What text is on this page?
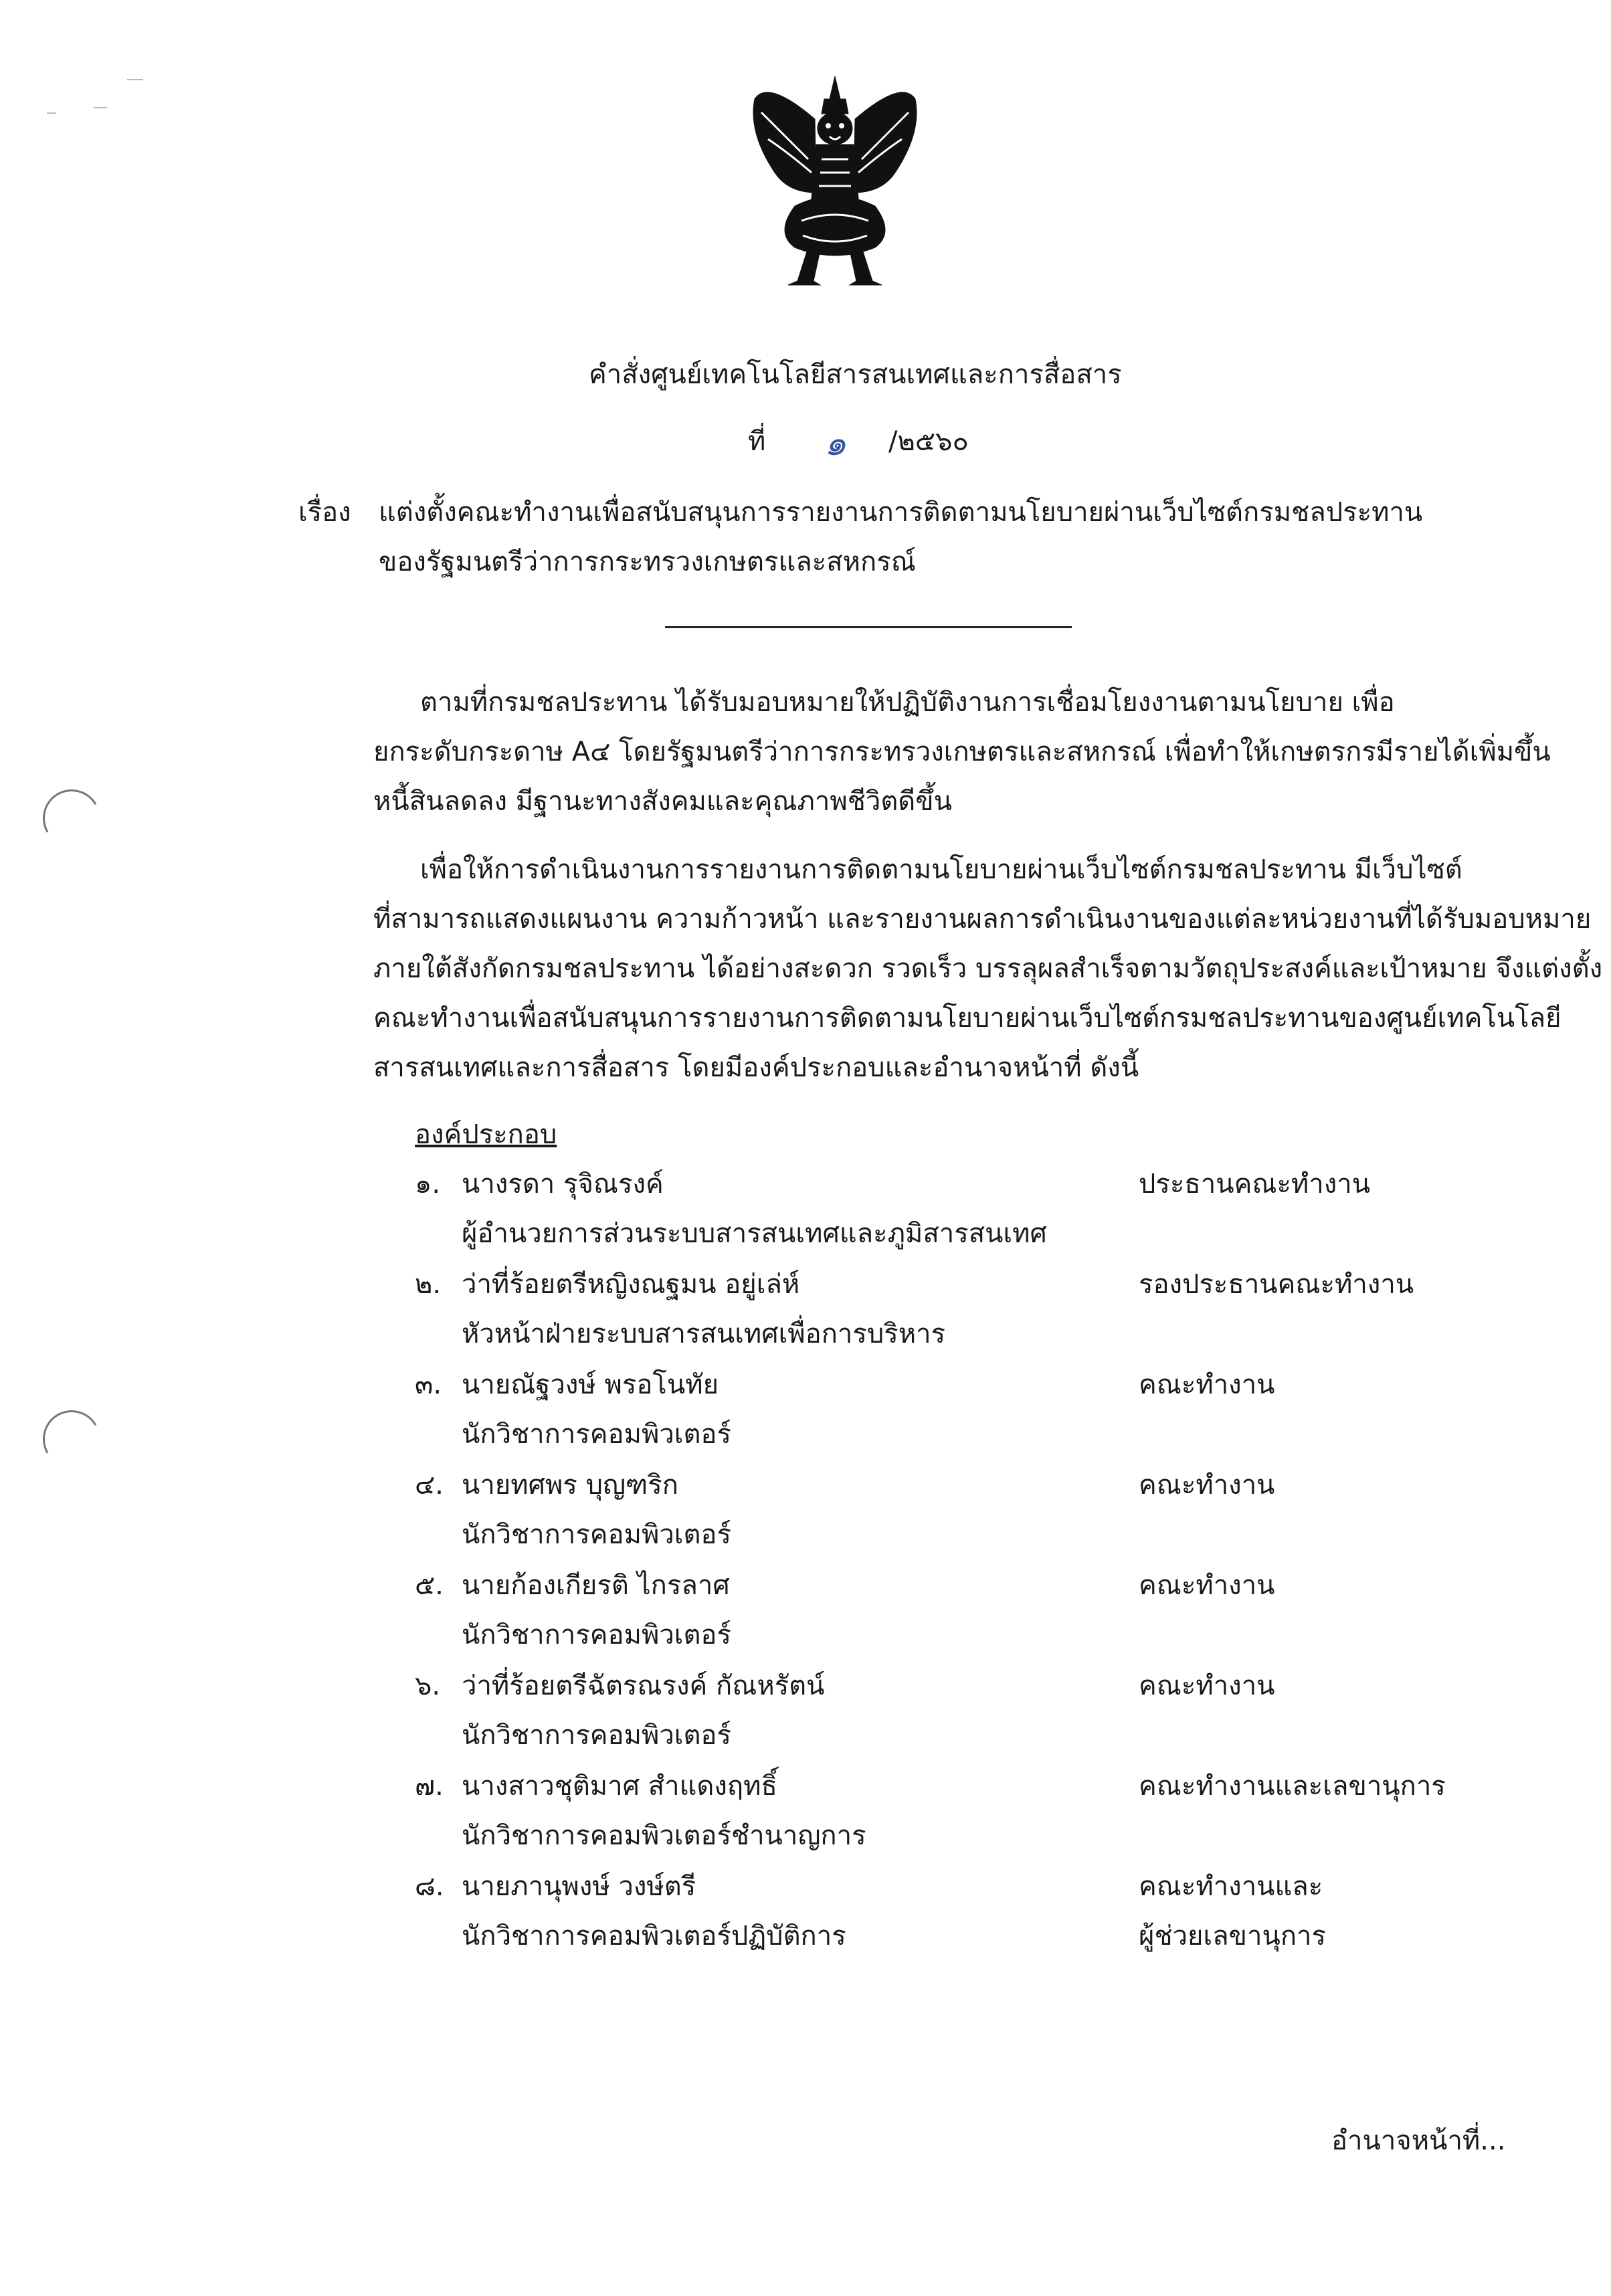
คำสั่งศูนย์เทคโนโลยีสารสนเทศและการสื่อสาร
ที่ ๑ /๒๕๖๐
เรื่อง แต่งตั้งคณะทำงานเพื่อสนับสนุนการรายงานการติดตามนโยบายผ่านเว็บไซต์กรมชลประทาน
ของรัฐมนตรีว่าการกระทรวงเกษตรและสหกรณ์
ตามที่กรมชลประทาน ได้รับมอบหมายให้ปฏิบัติงานการเชื่อมโยงงานตามนโยบาย เพื่อ
ยกระดับกระดาษ A๔ โดยรัฐมนตรีว่าการกระทรวงเกษตรและสหกรณ์ เพื่อทำให้เกษตรกรมีรายได้เพิ่มขึ้น
หนี้สินลดลง มีฐานะทางสังคมและคุณภาพชีวิตดีขึ้น
เพื่อให้การดำเนินงานการรายงานการติดตามนโยบายผ่านเว็บไซต์กรมชลประทาน มีเว็บไซต์
ที่สามารถแสดงแผนงาน ความก้าวหน้า และรายงานผลการดำเนินงานของแต่ละหน่วยงานที่ได้รับมอบหมาย
ภายใต้สังกัดกรมชลประทาน ได้อย่างสะดวก รวดเร็ว บรรลุผลสำเร็จตามวัตถุประสงค์และเป้าหมาย จึงแต่งตั้ง
คณะทำงานเพื่อสนับสนุนการรายงานการติดตามนโยบายผ่านเว็บไซต์กรมชลประทานของศูนย์เทคโนโลยี
สารสนเทศและการสื่อสาร โดยมีองค์ประกอบและอำนาจหน้าที่ ดังนี้
องค์ประกอบ
๑. นางรดา รุจิณรงค์	ประธานคณะทำงาน
ผู้อำนวยการส่วนระบบสารสนเทศและภูมิสารสนเทศ
๒. ว่าที่ร้อยตรีหญิงณฐมน อยู่เล่ห์	รองประธานคณะทำงาน
หัวหน้าฝ่ายระบบสารสนเทศเพื่อการบริหาร
๓. นายณัฐวงษ์ พรอโนทัย	คณะทำงาน
นักวิชาการคอมพิวเตอร์
๔. นายทศพร บุญฑริก	คณะทำงาน
นักวิชาการคอมพิวเตอร์
๕. นายก้องเกียรติ ไกรลาศ	คณะทำงาน
นักวิชาการคอมพิวเตอร์
๖. ว่าที่ร้อยตรีฉัตรณรงค์ กัณหรัตน์	คณะทำงาน
นักวิชาการคอมพิวเตอร์
๗. นางสาวชุติมาศ สำแดงฤทธิ์	คณะทำงานและเลขานุการ
นักวิชาการคอมพิวเตอร์ชำนาญการ
๘. นายภานุพงษ์ วงษ์ตรี	คณะทำงานและ
นักวิชาการคอมพิวเตอร์ปฏิบัติการ	ผู้ช่วยเลขานุการ
อำนาจหน้าที่...
